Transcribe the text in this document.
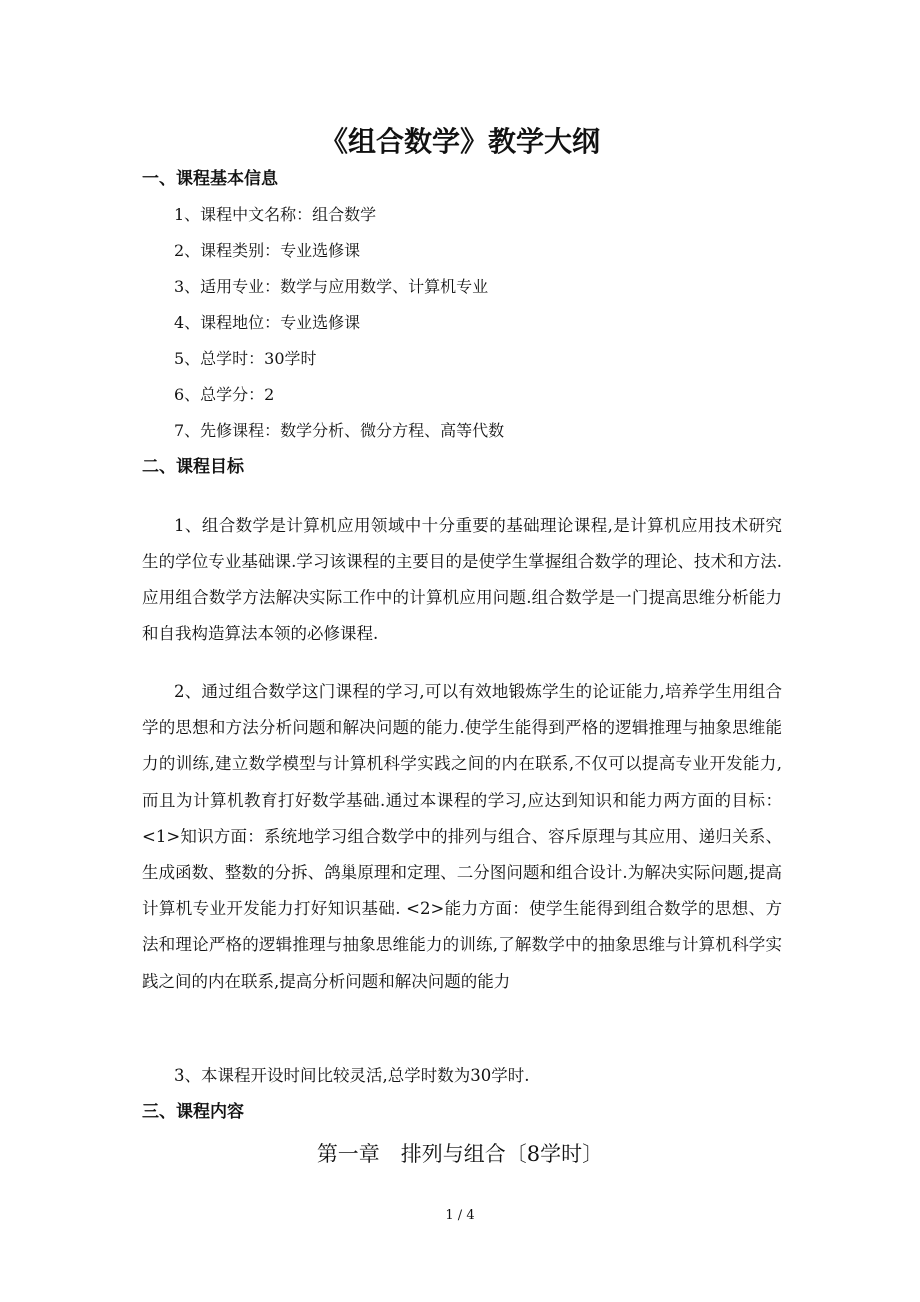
《组合数学》教学大纲
一、课程基本信息
1、课程中文名称：组合数学
2、课程类别：专业选修课
3、适用专业：数学与应用数学、计算机专业
4、课程地位：专业选修课
5、总学时：30学时
6、总学分：2
7、先修课程：数学分析、微分方程、高等代数
二、课程目标
1、组合数学是计算机应用领域中十分重要的基础理论课程,是计算机应用技术研究生的学位专业基础课.学习该课程的主要目的是使学生掌握组合数学的理论、技术和方法.应用组合数学方法解决实际工作中的计算机应用问题.组合数学是一门提高思维分析能力和自我构造算法本领的必修课程.
2、通过组合数学这门课程的学习,可以有效地锻炼学生的论证能力,培养学生用组合学的思想和方法分析问题和解决问题的能力.使学生能得到严格的逻辑推理与抽象思维能力的训练,建立数学模型与计算机科学实践之间的内在联系,不仅可以提高专业开发能力,而且为计算机教育打好数学基础.通过本课程的学习,应达到知识和能力两方面的目标：<1>知识方面：系统地学习组合数学中的排列与组合、容斥原理与其应用、递归关系、生成函数、整数的分拆、鸽巢原理和定理、二分图问题和组合设计.为解决实际问题,提高计算机专业开发能力打好知识基础. <2>能力方面：使学生能得到组合数学的思想、方法和理论严格的逻辑推理与抽象思维能力的训练,了解数学中的抽象思维与计算机科学实践之间的内在联系,提高分析问题和解决问题的能力
3、本课程开设时间比较灵活,总学时数为30学时.
三、课程内容
第一章　排列与组合〔8学时〕
1 / 4
